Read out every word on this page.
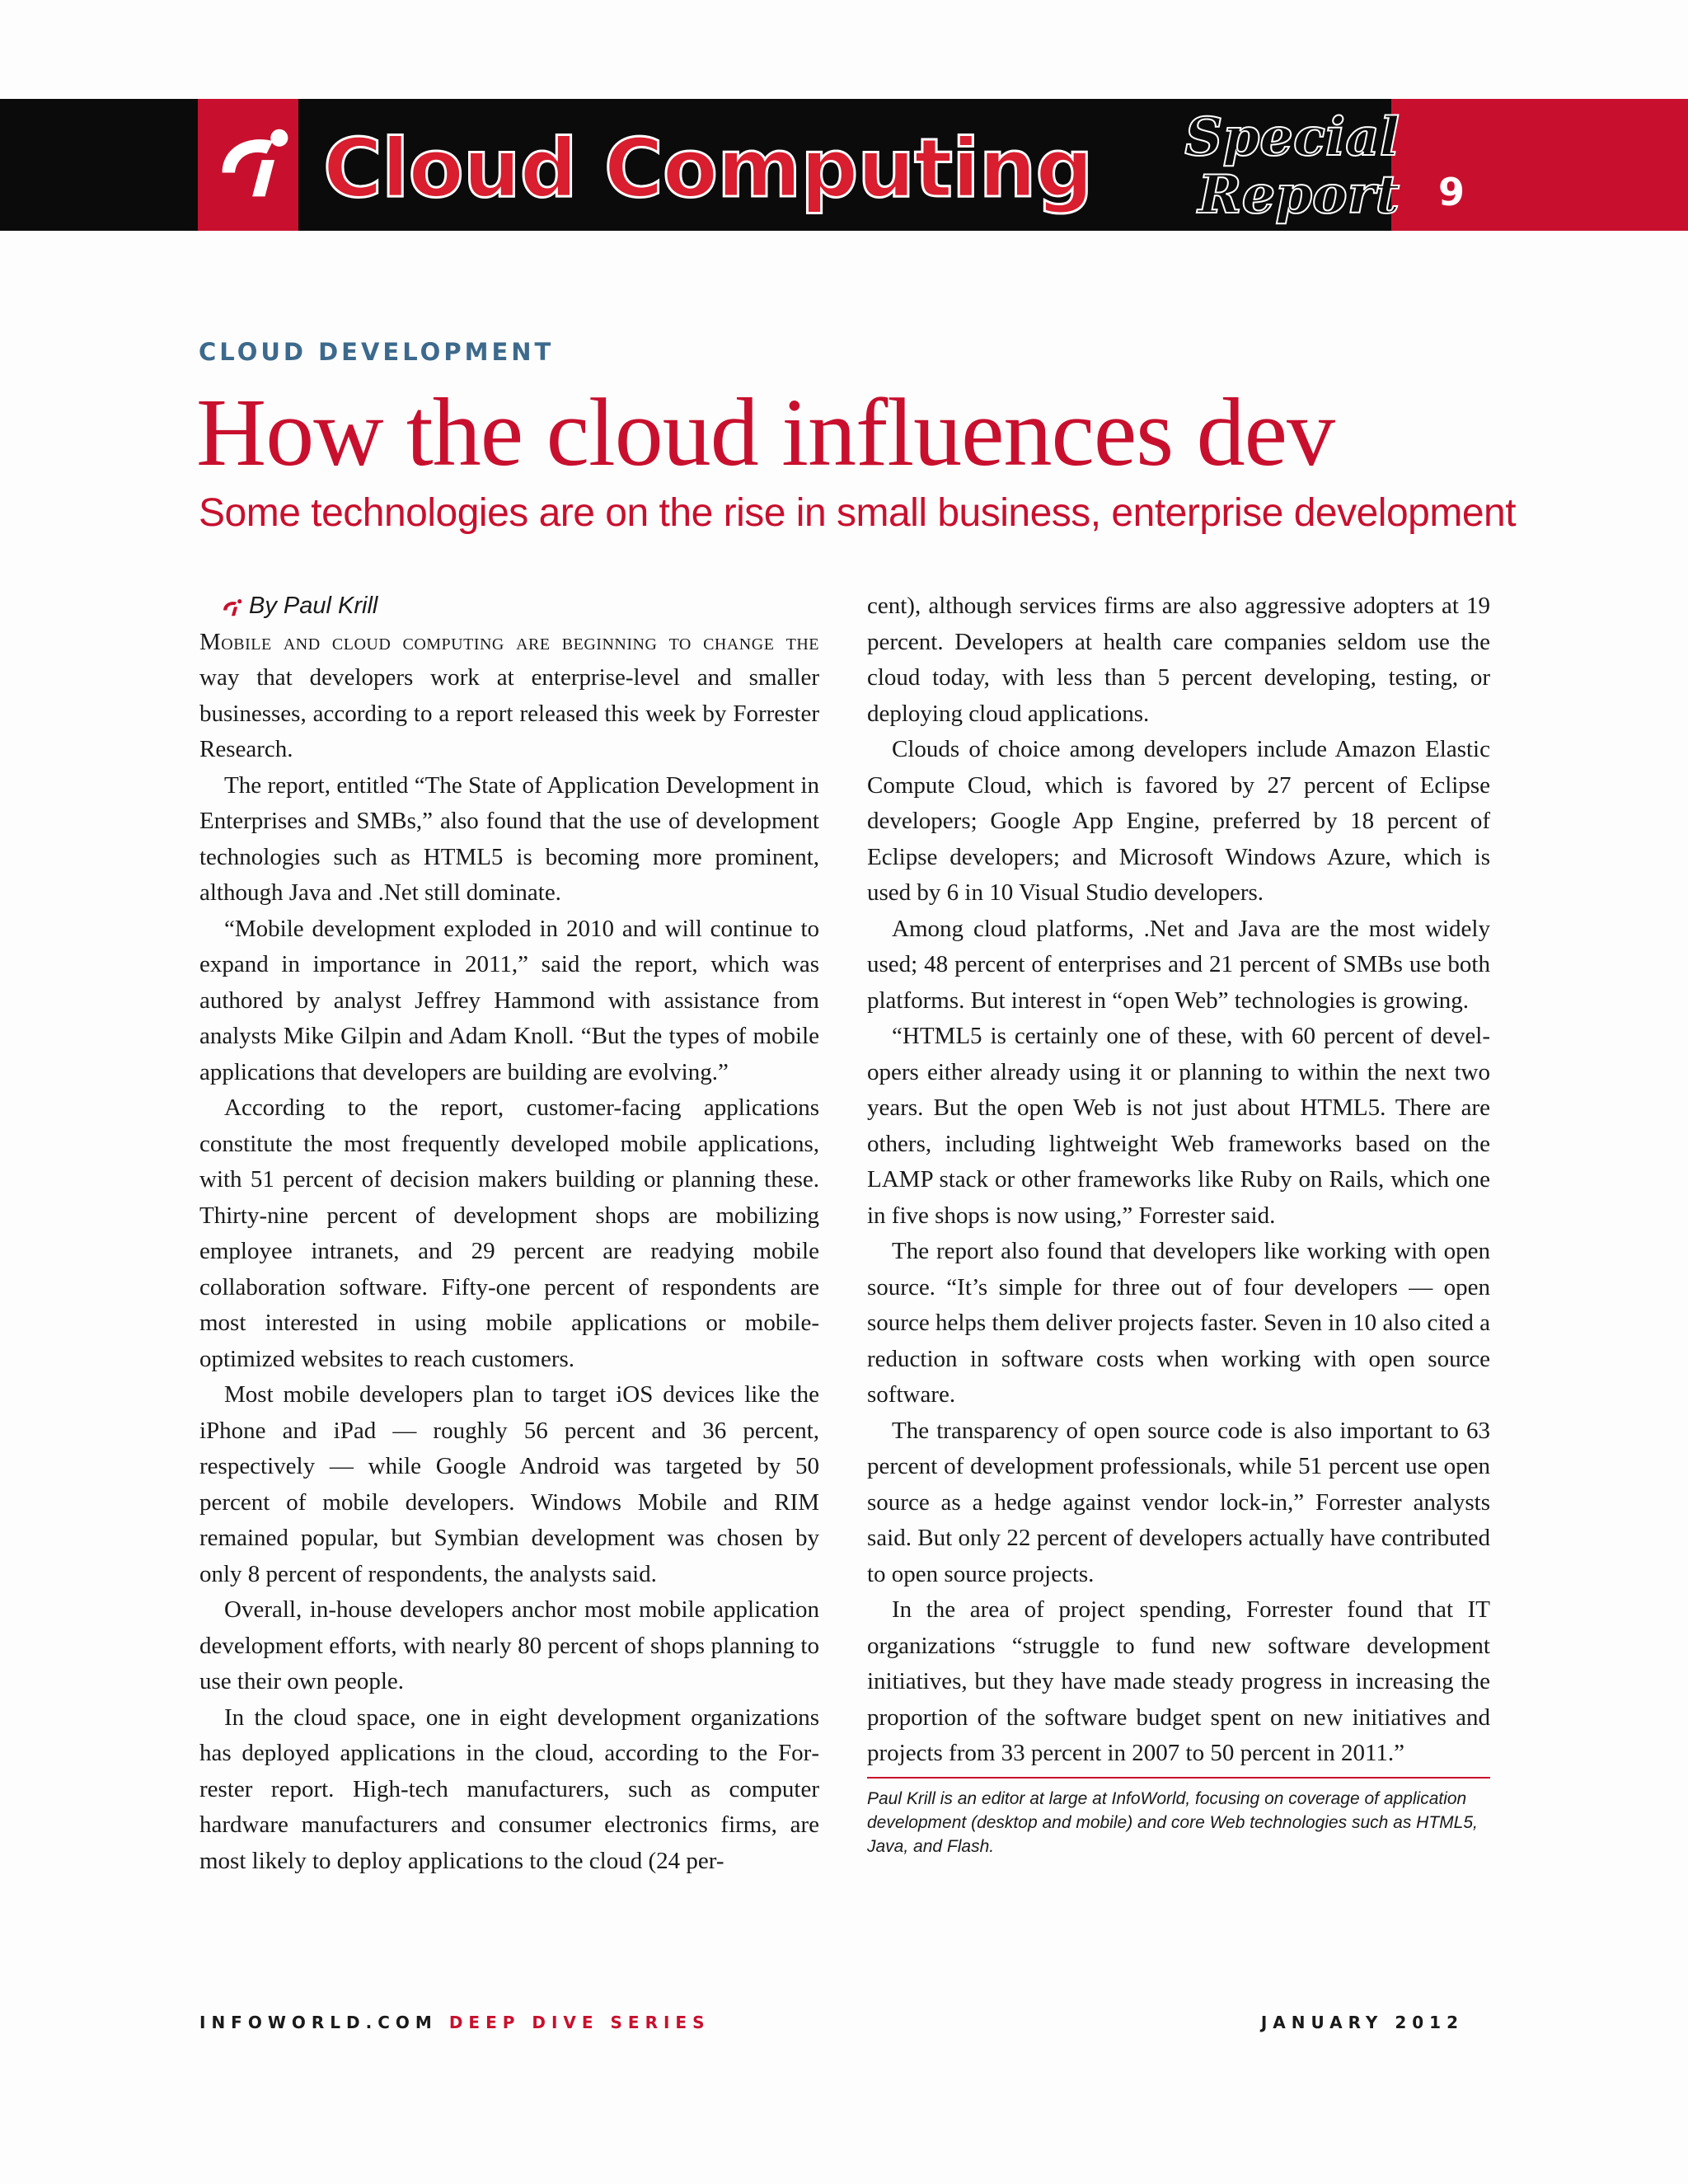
Cloud Computing	Special
Report 9
CLOUD DEVELOPMENT
How the cloud influences dev
Some technologies are on the rise in small business, enterprise development
By Paul Krill

Mobile and cloud computing are beginning to change the way that developers work at enterprise-level and smaller businesses, according to a report released this week by Forrester Research.

The report, entitled “The State of Application Development in Enterprises and SMBs,” also found that the use of development technologies such as HTML5 is becoming more prominent, although Java and .Net still dominate.

“Mobile development exploded in 2010 and will continue to expand in importance in 2011,” said the report, which was authored by analyst Jeffrey Hammond with assistance from analysts Mike Gilpin and Adam Knoll. “But the types of mobile applications that developers are building are evolving.”

According to the report, customer-facing applications constitute the most frequently developed mobile applications, with 51 percent of decision makers building or planning these. Thirty-nine percent of development shops are mobilizing employee intranets, and 29 percent are readying mobile collaboration software. Fifty-one percent of respondents are most interested in using mobile applications or mobile-optimized websites to reach customers.

Most mobile developers plan to target iOS devices like the iPhone and iPad — roughly 56 percent and 36 percent, respectively — while Google Android was targeted by 50 percent of mobile developers. Windows Mobile and RIM remained popular, but Symbian development was chosen by only 8 percent of respondents, the analysts said.

Overall, in-house developers anchor most mobile application development efforts, with nearly 80 percent of shops planning to use their own people.

In the cloud space, one in eight development organizations has deployed applications in the cloud, according to the Forrester report. High-tech manufacturers, such as computer hardware manufacturers and consumer electronics firms, are most likely to deploy applications to the cloud (24 per-

cent), although services firms are also aggressive adopters at 19 percent. Developers at health care companies seldom use the cloud today, with less than 5 percent developing, testing, or deploying cloud applications.

Clouds of choice among developers include Amazon Elastic Compute Cloud, which is favored by 27 percent of Eclipse developers; Google App Engine, preferred by 18 percent of Eclipse developers; and Microsoft Windows Azure, which is used by 6 in 10 Visual Studio developers.

Among cloud platforms, .Net and Java are the most widely used; 48 percent of enterprises and 21 percent of SMBs use both platforms. But interest in “open Web” technologies is growing.

“HTML5 is certainly one of these, with 60 percent of developers either already using it or planning to within the next two years. But the open Web is not just about HTML5. There are others, including lightweight Web frameworks based on the LAMP stack or other frameworks like Ruby on Rails, which one in five shops is now using,” Forrester said.

The report also found that developers like working with open source. “It’s simple for three out of four developers — open source helps them deliver projects faster. Seven in 10 also cited a reduction in software costs when working with open source software.

The transparency of open source code is also important to 63 percent of development professionals, while 51 percent use open source as a hedge against vendor lock-in,” Forrester analysts said. But only 22 percent of developers actually have contributed to open source projects.

In the area of project spending, Forrester found that IT organizations “struggle to fund new software development initiatives, but they have made steady progress in increasing the proportion of the software budget spent on new initiatives and projects from 33 percent in 2007 to 50 percent in 2011.”

Paul Krill is an editor at large at InfoWorld, focusing on coverage of application development (desktop and mobile) and core Web technologies such as HTML5, Java, and Flash.
INFOWORLD.COM DEEP DIVE SERIES	JANUARY 2012
